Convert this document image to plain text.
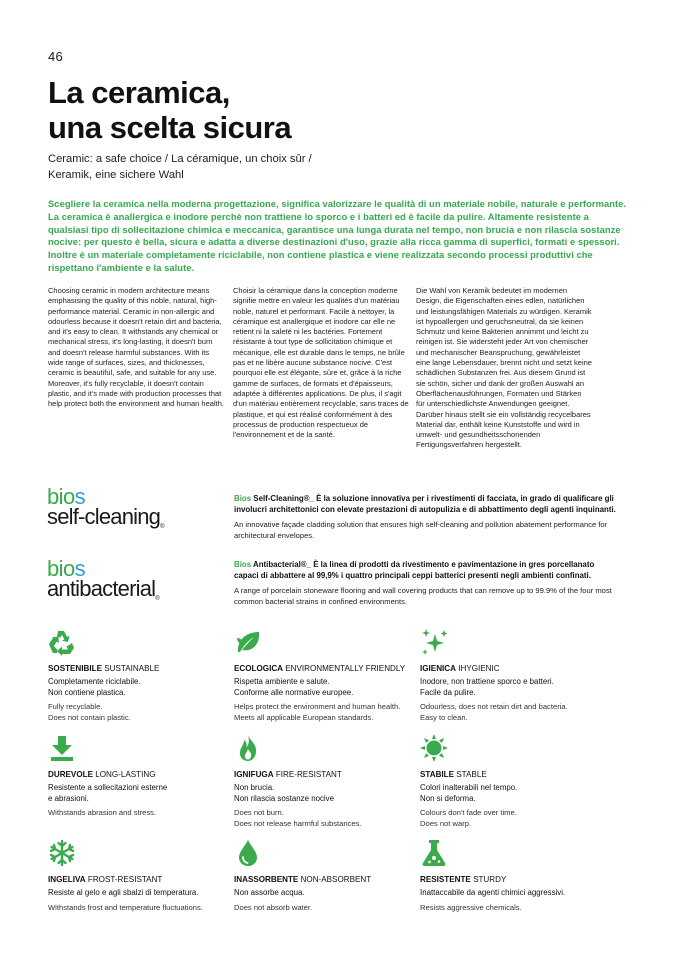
46
La ceramica,
una scelta sicura
Ceramic: a safe choice / La céramique, un choix sûr /
Keramik, eine sichere Wahl

Scegliere la ceramica nella moderna progettazione, significa valorizzare le qualità di un materiale nobile, naturale e performante. La ceramica è anallergica e inodore perchè non trattiene lo sporco e i batteri ed è facile da pulire. Altamente resistente a qualsiasi tipo di sollecitazione chimica e meccanica, garantisce una lunga durata nel tempo, non brucia e non rilascia sostanze nocive: per questo è bella, sicura e adatta a diverse destinazioni d'uso, grazie alla ricca gamma di superfici, formati e spessori. Inoltre è un materiale completamente riciclabile, non contiene plastica e viene realizzata secondo processi produttivi che rispettano l'ambiente e la salute.

Choosing ceramic in modern architecture means emphasising the quality of this noble, natural, high-performance material. Ceramic in non-allergic and odourless because it doesn't retain dirt and bacteria, and it's easy to clean. It withstands any chemical or mechanical stress, it's long-lasting, it doesn't burn and doesn't release harmful substances. With its wide range of surfaces, sizes, and thicknesses, ceramic is beautiful, safe, and suitable for any use.

Moreover, it's fully recyclable, it doesn't contain plastic, and it's made with production processes that help protect both the environment and human health.

Choisir la céramique dans la conception moderne signifie mettre en valeur les qualités d'un matériau noble, naturel et performant. Facile à nettoyer, la céramique est anallergique et inodore car elle ne retient ni la saleté ni les bactéries. Fortement résistante à tout type de sollicitation chimique et mécanique, elle est durable dans le temps, ne brûle pas et ne libère aucune substance nocive. C'est pourquoi elle est élégante, sûre et, grâce à la riche gamme de surfaces, de formats et d'épaisseurs, adaptée à différentes applications. De plus, il s'agit d'un matériau entièrement recyclable, sans traces de plastique, et qui est réalisé conformément à des processus de production respectueux de l'environnement et de la santé.

Die Wahl von Keramik bedeutet im modernen Design, die Eigenschaften eines edlen, natürlichen und leistungsfähigen Materials zu würdigen. Keramik ist hypoallergen und geruchsneutral, da sie keinen Schmutz und keine Bakterien annimmt und leicht zu reinigen ist. Sie widersteht jeder Art von chemischer und mechanischer Beanspruchung, gewährleistet eine lange Lebensdauer, brennt nicht und setzt keine schädlichen Substanzen frei. Aus diesem Grund ist sie schön, sicher und dank der großen Auswahl an Oberflächenausführungen, Formaten und Stärken für unterschiedlichste Anwendungen geeignet. Darüber hinaus stellt sie ein vollständig recycelbares Material dar, enthält keine Kunststoffe und wird in umwelt- und gesundheitsschonenden Fertigungsverfahren hergestellt.

bios
self-cleaning®
bios
antibacterial®

Bios Self-Cleaning®_ È la soluzione innovativa per i rivestimenti di facciata, in grado di qualificare gli involucri architettonici con elevate prestazioni di autopulizia e di abbattimento degli agenti inquinanti.

An innovative façade cladding solution that ensures high self-cleaning and pollution abatement performance for architectural envelopes.

Bios Antibacterial®_ È la linea di prodotti da rivestimento e pavimentazione in gres porcellanato capaci di abbattere al 99,9% i quattro principali ceppi batterici presenti negli ambienti confinati.

A range of porcelain stoneware flooring and wall covering products that can remove up to 99.9% of the four most common bacterial strains in confined environments.

SOSTENIBILE SUSTAINABLE

Completamente riciclabile.
Non contiene plastica.

Fully recyclable.
Does not contain plastic.

ECOLOGICA ENVIRONMENTALLY FRIENDLY

Rispetta ambiente e salute.
Conforme alle normative europee.

Helps protect the environment and human health.
Meets all applicable European standards.

IGIENICA IHYGIENIC

Inodore, non trattiene sporco e batteri.
Facile da pulire.

Odourless, does not retain dirt and bacteria.
Easy to clean.

DUREVOLE LONG-LASTING

Resistente a sollecitazioni esterne
e abrasioni.

Withstands abrasion and stress.

IGNIFUGA FIRE-RESISTANT

Non brucia.
Non rilascia sostanze nocive

Does not burn.
Does not release harmful substances.

STABILE STABLE

Colori inalterabili nel tempo.
Non si deforma.

Colours don't fade over time.
Does not warp.

INGELIVA FROST-RESISTANT

Resiste al gelo e agli sbalzi di temperatura.

Withstands frost and temperature fluctuations.

INASSORBENTE NON-ABSORBENT

Non assorbe acqua.

Does not absorb water.

RESISTENTE STURDY

Inattaccabile da agenti chimici aggressivi.

Resists aggressive chemicals.
